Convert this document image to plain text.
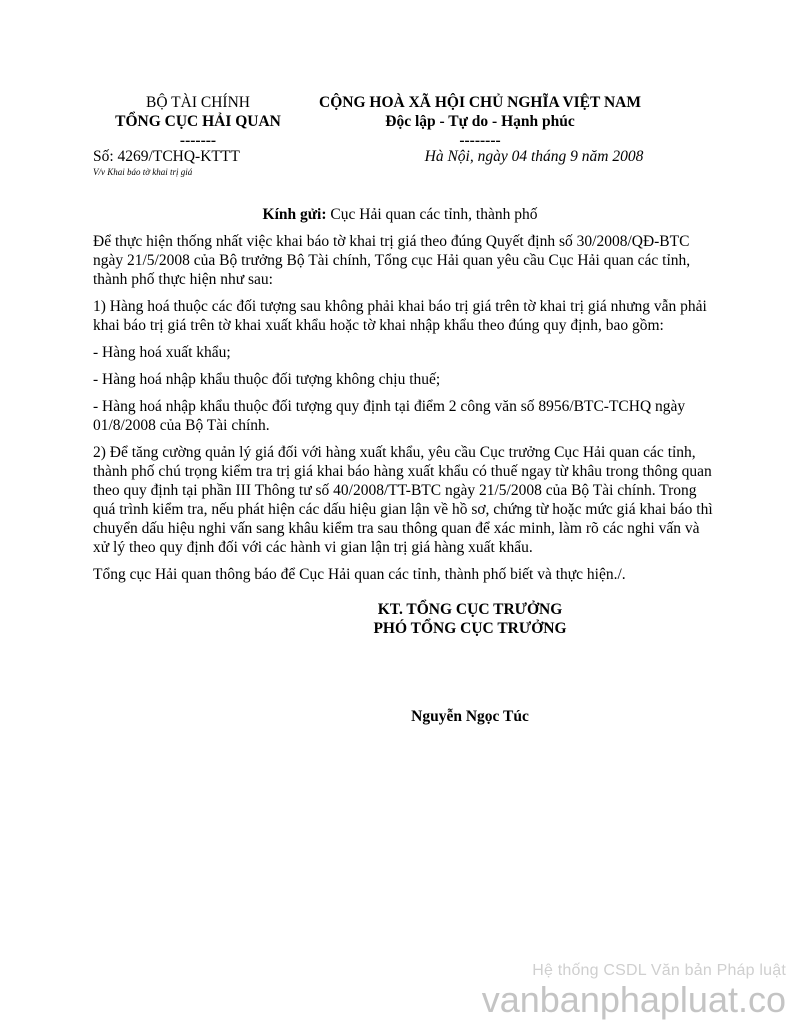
BỘ TÀI CHÍNH
TỔNG CỤC HẢI QUAN
-------
CỘNG HOÀ XÃ HỘI CHỦ NGHĨA VIỆT NAM
Độc lập - Tự do - Hạnh phúc
--------
Số: 4269/TCHQ-KTTT
V/v Khai báo tờ khai trị giá
Hà Nội, ngày 04 tháng 9 năm 2008
Kính gửi: Cục Hải quan các tỉnh, thành phố

Để thực hiện thống nhất việc khai báo tờ khai trị giá theo đúng Quyết định số 30/2008/QĐ-BTC ngày 21/5/2008 của Bộ trưởng Bộ Tài chính, Tổng cục Hải quan yêu cầu Cục Hải quan các tỉnh, thành phố thực hiện như sau:

1) Hàng hoá thuộc các đối tượng sau không phải khai báo trị giá trên tờ khai trị giá nhưng vẫn phải khai báo trị giá trên tờ khai xuất khẩu hoặc tờ khai nhập khẩu theo đúng quy định, bao gồm:

- Hàng hoá xuất khẩu;

- Hàng hoá nhập khẩu thuộc đối tượng không chịu thuế;

- Hàng hoá nhập khẩu thuộc đối tượng quy định tại điểm 2 công văn số 8956/BTC-TCHQ ngày 01/8/2008 của Bộ Tài chính.

2) Để tăng cường quản lý giá đối với hàng xuất khẩu, yêu cầu Cục trưởng Cục Hải quan các tỉnh, thành phố chú trọng kiểm tra trị giá khai báo hàng xuất khẩu có thuế ngay từ khâu trong thông quan theo quy định tại phần III Thông tư số 40/2008/TT-BTC ngày 21/5/2008 của Bộ Tài chính. Trong quá trình kiểm tra, nếu phát hiện các dấu hiệu gian lận về hồ sơ, chứng từ hoặc mức giá khai báo thì chuyển dấu hiệu nghi vấn sang khâu kiểm tra sau thông quan để xác minh, làm rõ các nghi vấn và xử lý theo quy định đối với các hành vi gian lận trị giá hàng xuất khẩu.

Tổng cục Hải quan thông báo để Cục Hải quan các tỉnh, thành phố biết và thực hiện./.

KT. TỔNG CỤC TRƯỞNG
PHÓ TỔNG CỤC TRƯỞNG
Nguyễn Ngọc Túc
Hệ thống CSDL Văn bản Pháp luật
vanbanphapluat.co
